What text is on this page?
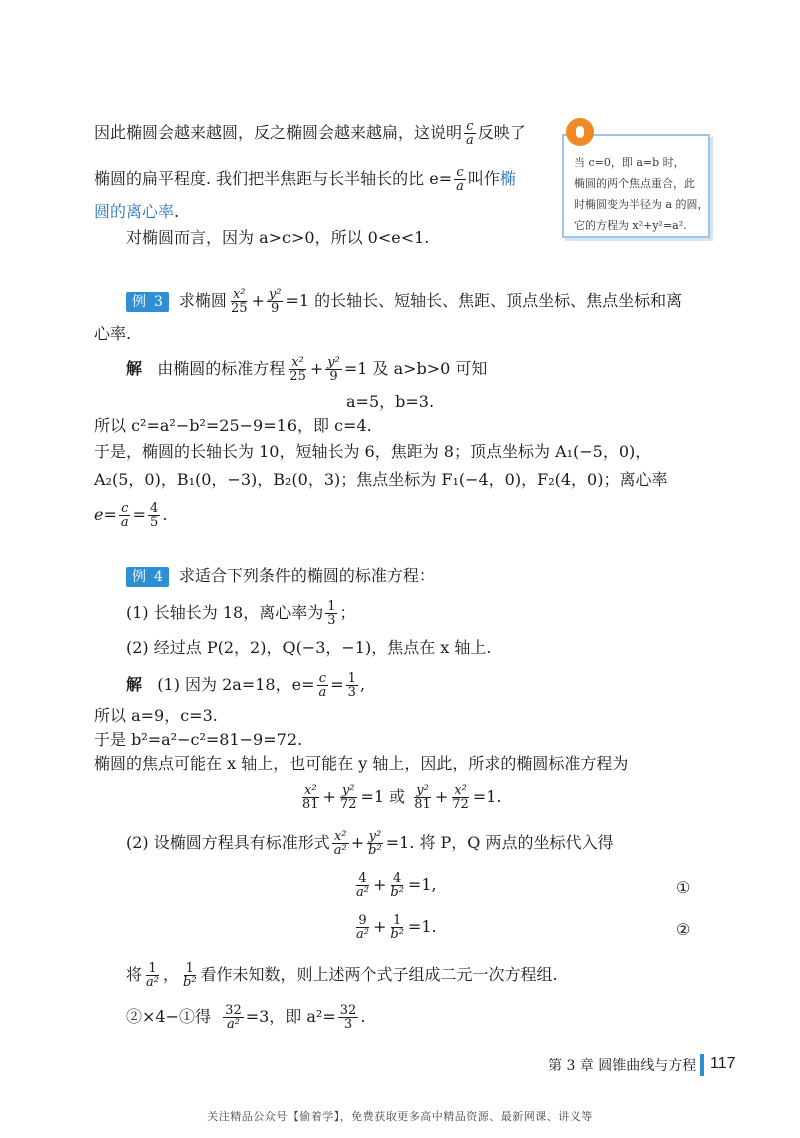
因此椭圆会越来越圆，反之椭圆会越来越扁，这说明 $\frac{c}{a}$ 反映了
椭圆的扁平程度. 我们把半焦距与长半轴长的比 $e= \frac{c}{a}$ 叫作椭
圆的离心率.
对椭圆而言，因为 a>c>0，所以 0<e<1.
当 c=0，即 a=b 时，
椭圆的两个焦点重合，此
时椭圆变为半径为 a 的圆，
它的方程为 x²+y²=a².
例 3 求椭圆 $\frac{\text{x²}}{25} + \frac{\text{y²}}{9} =1$ 的长轴长、短轴长、焦距、顶点坐标、焦点坐标和离
心率.
解 由椭圆的标准方程 $\frac{\text{x²}}{25} + \frac{\text{y²}}{9} =1$ 及 a>b>0 可知
a=5，b=3.
所以 c²=a²−b²=25−9=16，即 c=4.
于是，椭圆的长轴长为 10，短轴长为 6，焦距为 8；顶点坐标为 A₁(−5，0)，
A₂(5，0)，B₁(0，−3)，B₂(0，3)；焦点坐标为 F₁(−4，0)，F₂(4，0)；离心率
$e= \frac{c}{a} = \frac{4}{5}$ .
例 4 求适合下列条件的椭圆的标准方程：
(1) 长轴长为 18，离心率为 $\frac{1}{3}$ ；
(2) 经过点 P(2，2)，Q(−3，−1)，焦点在 x 轴上.
解 (1) 因为 2a=18，$e= \frac{c}{a} = \frac{1}{3}$ ,
所以 a=9，c=3.
于是 b²=a²−c²=81−9=72.
椭圆的焦点可能在 x 轴上，也可能在 y 轴上，因此，所求的椭圆标准方程为
$\frac{\text{x²}}{81} + \frac{\text{y²}}{72} =1$ 或 $\frac{\text{y²}}{81} + \frac{\text{x²}}{72} =1$.
(2) 设椭圆方程具有标准形式 $\frac{\text{x²}}{\text{a²}} + \frac{\text{y²}}{\text{b²}} =1$. 将 P，Q 两点的坐标代入得
$\frac{4}{\text{a²}} + \frac{4}{\text{b²}} =1$,	①
$\frac{9}{\text{a²}} + \frac{1}{\text{b²}} =1$.	②
将 $\frac{1}{\text{a²}}$ ， $\frac{1}{\text{b²}}$ 看作未知数，则上述两个式子组成二元一次方程组.
②×4−①得 $\frac{32}{\text{a²}} =3$，即 $a^2= \frac{32}{3}$ .
第 3 章 圆锥曲线与方程 117
关注精品公众号【偷着学】，免费获取更多高中精品资源、最新网课、讲义等
